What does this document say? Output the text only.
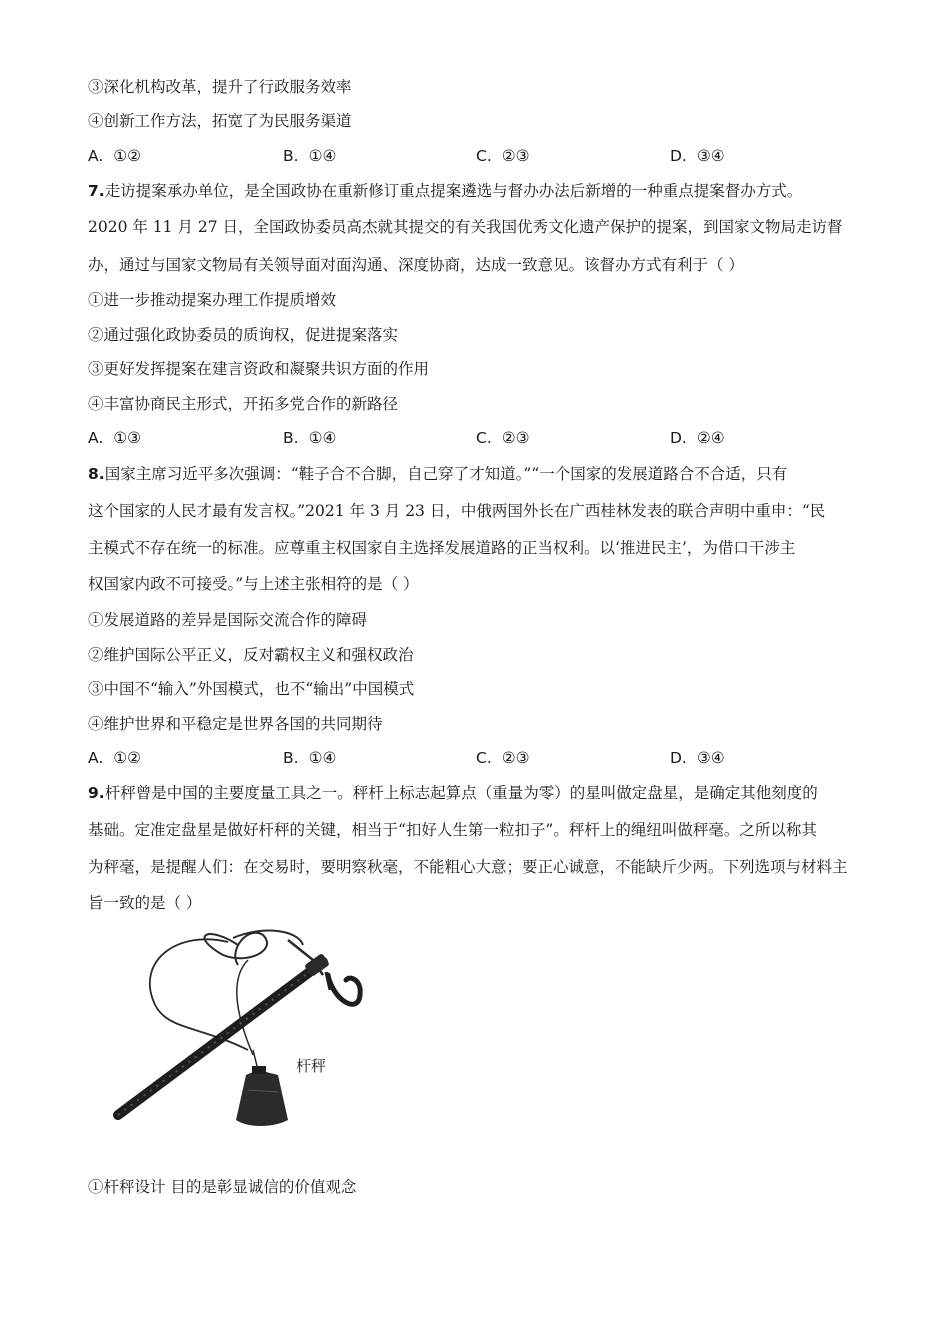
③深化机构改革，提升了行政服务效率
④创新工作方法，拓宽了为民服务渠道
A. ①②	B. ①④	C. ②③	D. ③④
7.走访提案承办单位，是全国政协在重新修订重点提案遴选与督办办法后新增的一种重点提案督办方式。
2020 年 11 月 27 日，全国政协委员高杰就其提交的有关我国优秀文化遗产保护的提案，到国家文物局走访督
办，通过与国家文物局有关领导面对面沟通、深度协商，达成一致意见。该督办方式有利于（ ）
①进一步推动提案办理工作提质增效
②通过强化政协委员的质询权，促进提案落实
③更好发挥提案在建言资政和凝聚共识方面的作用
④丰富协商民主形式，开拓多党合作的新路径
A. ①③	B. ①④	C. ②③	D. ②④
8.国家主席习近平多次强调：“鞋子合不合脚，自己穿了才知道。”“一个国家的发展道路合不合适，只有
这个国家的人民才最有发言权。”2021 年 3 月 23 日，中俄两国外长在广西桂林发表的联合声明中重申：“民
主模式不存在统一的标准。应尊重主权国家自主选择发展道路的正当权利。以‘推进民主’，为借口干涉主
权国家内政不可接受。”与上述主张相符的是（ ）
①发展道路的差异是国际交流合作的障碍
②维护国际公平正义，反对霸权主义和强权政治
③中国不“输入”外国模式，也不“输出”中国模式
④维护世界和平稳定是世界各国的共同期待
A. ①②	B. ①④	C. ②③	D. ③④
9.杆秤曾是中国的主要度量工具之一。秤杆上标志起算点（重量为零）的星叫做定盘星，是确定其他刻度的
基础。定准定盘星是做好杆秤的关键，相当于“扣好人生第一粒扣子”。秤杆上的绳纽叫做秤毫。之所以称其
为秤毫，是提醒人们：在交易时，要明察秋毫，不能粗心大意；要正心诚意，不能缺斤少两。下列选项与材料主
旨一致的是（ ）
杆秤
①杆秤设计 目的是彰显诚信的价值观念
